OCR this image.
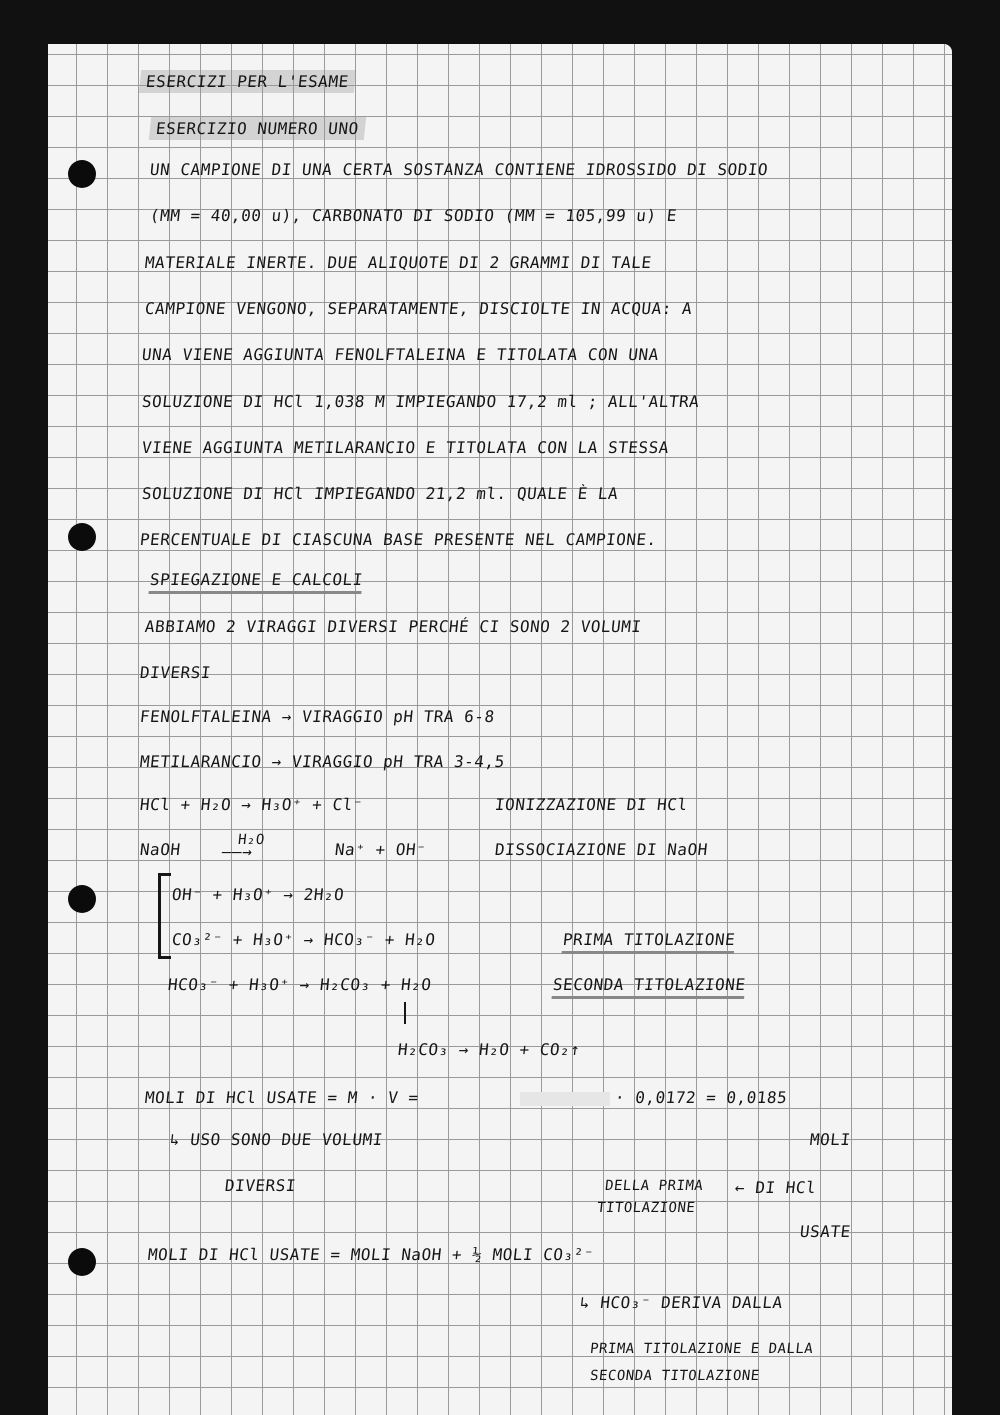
ESERCIZI PER L'ESAME
ESERCIZIO NUMERO UNO
UN CAMPIONE DI UNA CERTA SOSTANZA CONTIENE IDROSSIDO DI SODIO
(MM = 40,00 u), CARBONATO DI SODIO (MM = 105,99 u) E
MATERIALE INERTE. DUE ALIQUOTE DI 2 GRAMMI DI TALE
CAMPIONE VENGONO, SEPARATAMENTE, DISCIOLTE IN ACQUA: A
UNA VIENE AGGIUNTA FENOLFTALEINA E TITOLATA CON UNA
SOLUZIONE DI HCl 1,038 M IMPIEGANDO 17,2 ml ; ALL'ALTRA
VIENE AGGIUNTA METILARANCIO E TITOLATA CON LA STESSA
SOLUZIONE DI HCl IMPIEGANDO 21,2 ml. QUALE È LA
PERCENTUALE DI CIASCUNA BASE PRESENTE NEL CAMPIONE.
SPIEGAZIONE E CALCOLI
ABBIAMO 2 VIRAGGI DIVERSI PERCHÉ CI SONO 2 VOLUMI
DIVERSI
FENOLFTALEINA → VIRAGGIO pH TRA 6-8
METILARANCIO → VIRAGGIO pH TRA 3-4,5
HCl + H₂O → H₃O⁺ + Cl⁻	IONIZZAZIONE DI HCl
NaOH	H₂O
――→	Na⁺ + OH⁻	DISSOCIAZIONE DI NaOH
OH⁻ + H₃O⁺ → 2H₂O
CO₃²⁻ + H₃O⁺ → HCO₃⁻ + H₂O	PRIMA TITOLAZIONE
HCO₃⁻ + H₃O⁺ → H₂CO₃ + H₂O	SECONDA TITOLAZIONE
H₂CO₃ → H₂O + CO₂↑
MOLI DI HCl USATE = M · V =	· 0,0172 = 0,0185
↳ USO SONO DUE VOLUMI	MOLI
DIVERSI	DELLA PRIMA
TITOLAZIONE
← DI HCl
USATE
MOLI DI HCl USATE = MOLI NaOH + ½ MOLI CO₃²⁻
↳ HCO₃⁻ DERIVA DALLA
PRIMA TITOLAZIONE E DALLA
SECONDA TITOLAZIONE
